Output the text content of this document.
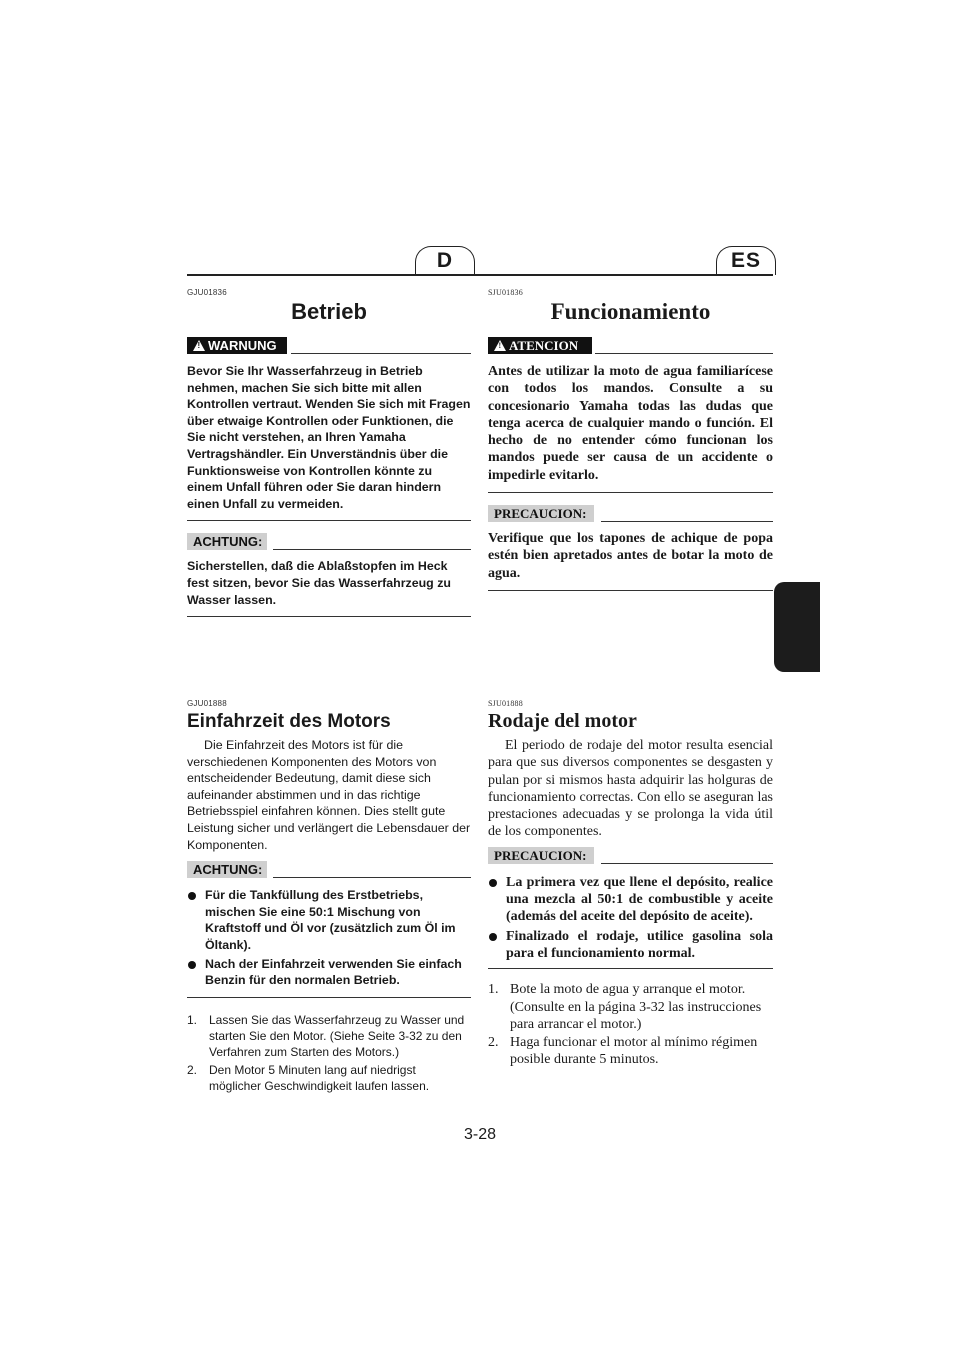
D	ES
GJU01836
Betrieb
! WARNUNG
Bevor Sie Ihr Wasserfahrzeug in Betrieb nehmen, machen Sie sich bitte mit allen Kontrollen vertraut. Wenden Sie sich mit Fragen über etwaige Kontrollen oder Funktionen, die Sie nicht verstehen, an Ihren Yamaha Vertragshändler. Ein Unverständnis über die Funktionsweise von Kontrollen könnte zu einem Unfall führen oder Sie daran hindern einen Unfall zu vermeiden.
ACHTUNG:
Sicherstellen, daß die Ablaßstopfen im Heck fest sitzen, bevor Sie das Wasserfahrzeug zu Wasser lassen.
SJU01836
Funcionamiento
! ATENCION
Antes de utilizar la moto de agua familiarícese con todos los mandos. Consulte a su concesionario Yamaha todas las dudas que tenga acerca de cualquier mando o función. El hecho de no entender cómo funcionan los mandos puede ser causa de un accidente o impedirle evitarlo.
PRECAUCION:
Verifique que los tapones de achique de popa estén bien apretados antes de botar la moto de agua.
GJU01888
Einfahrzeit des Motors
Die Einfahrzeit des Motors ist für die verschiedenen Komponenten des Motors von entscheidender Bedeutung, damit diese sich aufeinander abstimmen und in das richtige Betriebsspiel einfahren können. Dies stellt gute Leistung sicher und verlängert die Lebensdauer der Komponenten.
ACHTUNG:
Für die Tankfüllung des Erstbetriebs, mischen Sie eine 50:1 Mischung von Kraftstoff und Öl vor (zusätzlich zum Öl im Öltank).
Nach der Einfahrzeit verwenden Sie einfach Benzin für den normalen Betrieb.
1. Lassen Sie das Wasserfahrzeug zu Wasser und starten Sie den Motor. (Siehe Seite 3-32 zu den Verfahren zum Starten des Motors.)
2. Den Motor 5 Minuten lang auf niedrigst möglicher Geschwindigkeit laufen lassen.
SJU01888
Rodaje del motor
El periodo de rodaje del motor resulta esencial para que sus diversos componentes se desgasten y pulan por si mismos hasta adquirir las holguras de funcionamiento correctas. Con ello se aseguran las prestaciones adecuadas y se prolonga la vida útil de los componentes.
PRECAUCION:
La primera vez que llene el depósito, realice una mezcla al 50:1 de combustible y aceite (además del aceite del depósito de aceite).
Finalizado el rodaje, utilice gasolina sola para el funcionamiento normal.
1. Bote la moto de agua y arranque el motor. (Consulte en la página 3-32 las instrucciones para arrancar el motor.)
2. Haga funcionar el motor al mínimo régimen posible durante 5 minutos.
3-28
